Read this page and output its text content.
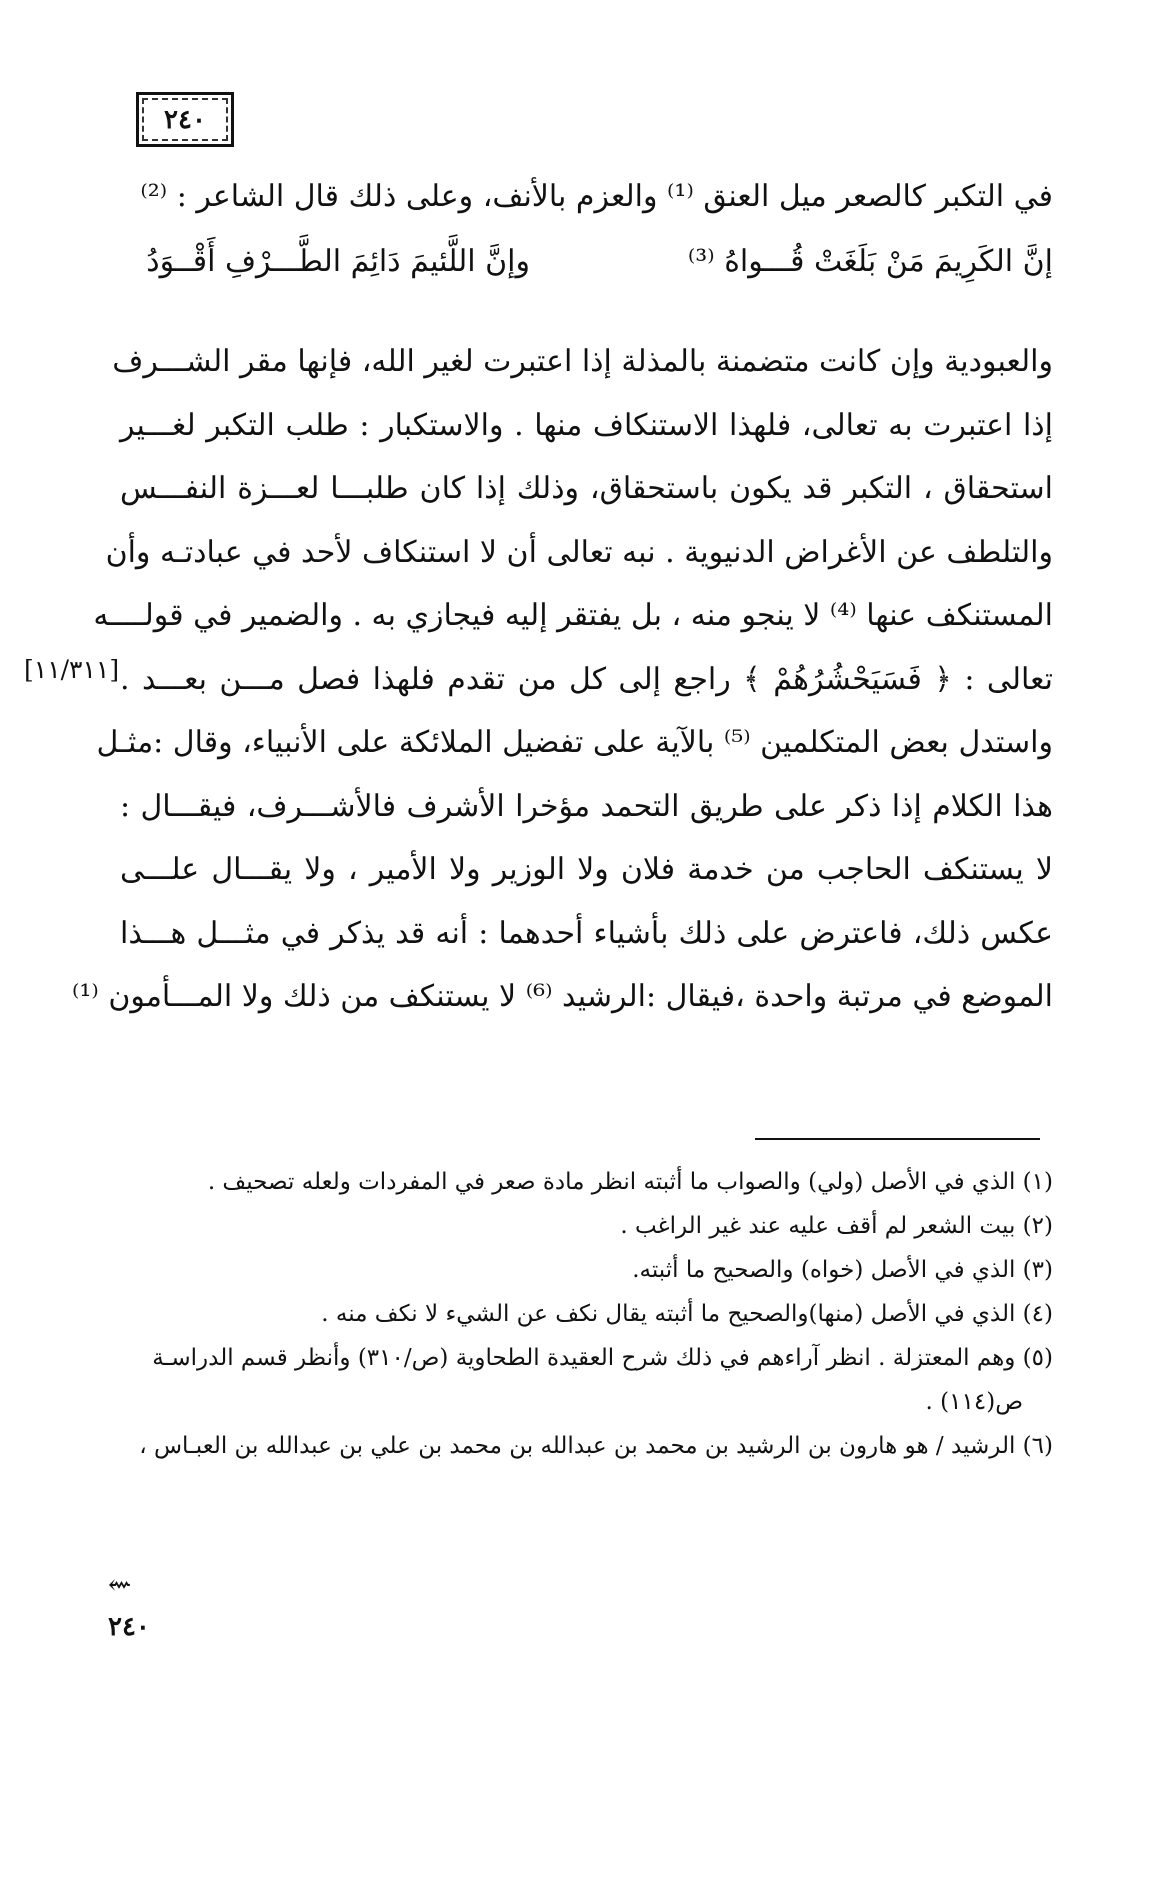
٢٤٠
[١١/٣١١]
في التكبر كالصعر ميل العنق ⁽¹⁾ والعزم بالأنف، وعلى ذلك قال الشاعر : ⁽²⁾
إنَّ الكَرِيمَ مَنْ بَلَغَتْ قُـــواهُ ⁽³⁾
وإنَّ اللَّئيمَ دَائِمَ الطَّـــرْفِ أَقْــوَدُ
والعبودية وإن كانت متضمنة بالمذلة إذا اعتبرت لغير الله، فإنها مقر الشـــرف
إذا اعتبرت به تعالى، فلهذا الاستنكاف منها . والاستكبار : طلب التكبر لغـــير
استحقاق ، التكبر قد يكون باستحقاق، وذلك إذا كان طلبـــا لعـــزة النفـــس
والتلطف عن الأغراض الدنيوية . نبه تعالى أن لا استنكاف لأحد في عبادتـه وأن
المستنكف عنها ⁽⁴⁾ لا ينجو منه ، بل يفتقر إليه فيجازي به . والضمير في قولــــه
تعالى : ﴿ فَسَيَحْشُرُهُمْ ﴾ راجع إلى كل من تقدم فلهذا فصل مـــن بعـــد .
واستدل بعض المتكلمين ⁽⁵⁾ بالآية على تفضيل الملائكة على الأنبياء، وقال :مثـل
هذا الكلام إذا ذكر على طريق التحمد مؤخرا الأشرف فالأشـــرف، فيقـــال :
لا يستنكف الحاجب من خدمة فلان ولا الوزير ولا الأمير ، ولا يقـــال علـــى
عكس ذلك، فاعترض على ذلك بأشياء أحدهما : أنه قد يذكر في مثـــل هـــذا
الموضع في مرتبة واحدة ،فيقال :الرشيد ⁽⁶⁾ لا يستنكف من ذلك ولا المـــأمون ⁽¹⁾
(١) الذي في الأصل (ولي) والصواب ما أثبته انظر مادة صعر في المفردات ولعله تصحيف .
(٢) بيت الشعر لم أقف عليه عند غير الراغب .
(٣) الذي في الأصل (خواه) والصحيح ما أثبته.
(٤) الذي في الأصل (منها)والصحيح ما أثبته يقال نكف عن الشيء لا نكف منه .
(٥) وهم المعتزلة . انظر آراءهم في ذلك شرح العقيدة الطحاوية (ص/٣١٠) وأنظر قسم الدراسـة
ص(١١٤) .
(٦) الرشيد / هو هارون بن الرشيد بن محمد بن عبدالله بن محمد بن علي بن عبدالله بن العبـاس ،
⇜
٢٤٠
